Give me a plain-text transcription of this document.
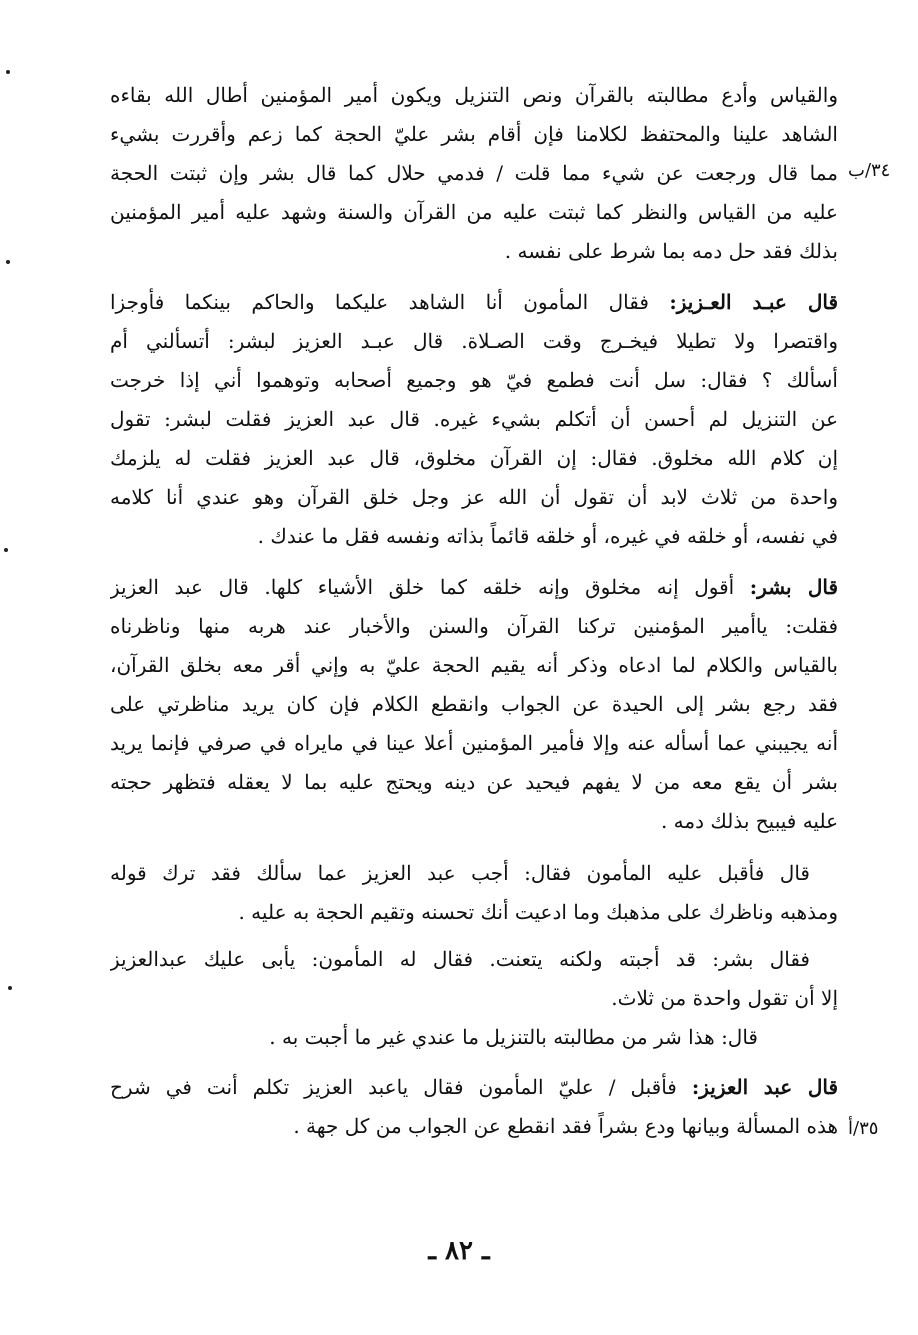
٣٤/ب
٣٥/أ
والقياس وأدع مطالبته بالقرآن ونص التنزيل ويكون أمير المؤمنين أطال الله بقاءه
الشاهد علينا والمحتفظ لكلامنا فإن أقام بشر عليّ الحجة كما زعم وأقررت بشيء
مما قال ورجعت عن شيء مما قلت / فدمي حلال كما قال بشر وإن ثبتت الحجة
عليه من القياس والنظر كما ثبتت عليه من القرآن والسنة وشهد عليه أمير المؤمنين
بذلك فقد حل دمه بما شرط على نفسه .
قال عبـد العـزيز: فقال المأمون أنا الشاهد عليكما والحاكم بينكما فأوجزا
واقتصرا ولا تطيلا فيخـرج وقت الصـلاة. قال عبـد العزيز لبشر: أتسألني أم
أسألك ؟ فقال: سل أنت فطمع فيّ هو وجميع أصحابه وتوهموا أني إذا خرجت
عن التنزيل لم أحسن أن أتكلم بشيء غيره. قال عبد العزيز فقلت لبشر: تقول
إن كلام الله مخلوق. فقال: إن القرآن مخلوق، قال عبد العزيز فقلت له يلزمك
واحدة من ثلاث لابد أن تقول أن الله عز وجل خلق القرآن وهو عندي أنا كلامه
في نفسه، أو خلقه في غيره، أو خلقه قائماً بذاته ونفسه فقل ما عندك .
قال بشر: أقول إنه مخلوق وإنه خلقه كما خلق الأشياء كلها. قال عبد العزيز
فقلت: ياأمير المؤمنين تركنا القرآن والسنن والأخبار عند هربه منها وناظرناه
بالقياس والكلام لما ادعاه وذكر أنه يقيم الحجة عليّ به وإني أقر معه بخلق القرآن،
فقد رجع بشر إلى الحيدة عن الجواب وانقطع الكلام فإن كان يريد مناظرتي على
أنه يجيبني عما أسأله عنه وإلا فأمير المؤمنين أعلا عينا في مايراه في صرفي فإنما يريد
بشر أن يقع معه من لا يفهم فيحيد عن دينه ويحتج عليه بما لا يعقله فتظهر حجته
عليه فيبيح بذلك دمه .
قال فأقبل عليه المأمون فقال: أجب عبد العزيز عما سألك فقد ترك قوله
ومذهبه وناظرك على مذهبك وما ادعيت أنك تحسنه وتقيم الحجة به عليه .
فقال بشر: قد أجبته ولكنه يتعنت. فقال له المأمون: يأبى عليك عبدالعزيز
إلا أن تقول واحدة من ثلاث.
قال: هذا شر من مطالبته بالتنزيل ما عندي غير ما أجبت به .
قال عبد العزيز: فأقبل / عليّ المأمون فقال ياعبد العزيز تكلم أنت في شرح
هذه المسألة وبيانها ودع بشراً فقد انقطع عن الجواب من كل جهة .
ـ ٨٢ ـ
